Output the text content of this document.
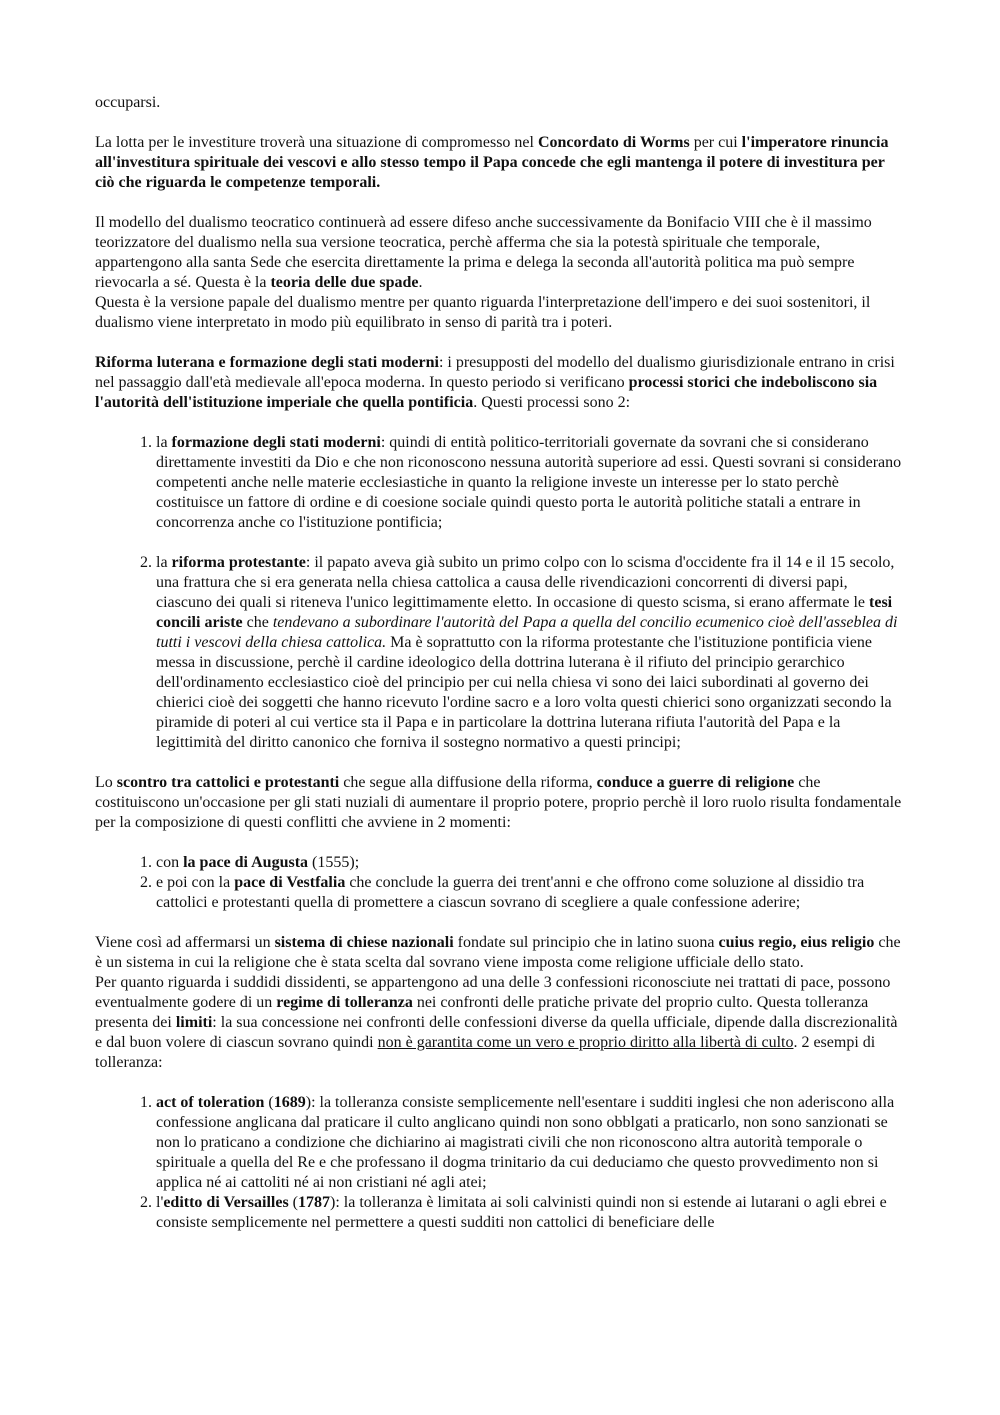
occuparsi.

La lotta per le investiture troverà una situazione di compromesso nel Concordato di Worms per cui l'imperatore rinuncia all'investitura spirituale dei vescovi e allo stesso tempo il Papa concede che egli mantenga il potere di investitura per ciò che riguarda le competenze temporali.

Il modello del dualismo teocratico continuerà ad essere difeso anche successivamente da Bonifacio VIII che è il massimo teorizzatore del dualismo nella sua versione teocratica, perchè afferma che sia la potestà spirituale che temporale, appartengono alla santa Sede che esercita direttamente la prima e delega la seconda all'autorità politica ma può sempre rievocarla a sé. Questa è la teoria delle due spade.
Questa è la versione papale del dualismo mentre per quanto riguarda l'interpretazione dell'impero e dei suoi sostenitori, il dualismo viene interpretato in modo più equilibrato in senso di parità tra i poteri.

Riforma luterana e formazione degli stati moderni: i presupposti del modello del dualismo giurisdizionale entrano in crisi nel passaggio dall'età medievale all'epoca moderna. In questo periodo si verificano processi storici che indeboliscono sia l'autorità dell'istituzione imperiale che quella pontificia. Questi processi sono 2:

1. la formazione degli stati moderni: quindi di entità politico-territoriali governate da sovrani che si considerano direttamente investiti da Dio e che non riconoscono nessuna autorità superiore ad essi. Questi sovrani si considerano competenti anche nelle materie ecclesiastiche in quanto la religione investe un interesse per lo stato perchè costituisce un fattore di ordine e di coesione sociale quindi questo porta le autorità politiche statali a entrare in concorrenza anche co l'istituzione pontificia;
2. la riforma protestante: il papato aveva già subito un primo colpo con lo scisma d'occidente fra il 14 e il 15 secolo, una frattura che si era generata nella chiesa cattolica a causa delle rivendicazioni concorrenti di diversi papi, ciascuno dei quali si riteneva l'unico legittimamente eletto. In occasione di questo scisma, si erano affermate le tesi concili ariste che tendevano a subordinare l'autorità del Papa a quella del concilio ecumenico cioè dell'asseblea di tutti i vescovi della chiesa cattolica. Ma è soprattutto con la riforma protestante che l'istituzione pontificia viene messa in discussione, perchè il cardine ideologico della dottrina luterana è il rifiuto del principio gerarchico dell'ordinamento ecclesiastico cioè del principio per cui nella chiesa vi sono dei laici subordinati al governo dei chierici cioè dei soggetti che hanno ricevuto l'ordine sacro e a loro volta questi chierici sono organizzati secondo la piramide di poteri al cui vertice sta il Papa e in particolare la dottrina luterana rifiuta l'autorità del Papa e la legittimità del diritto canonico che forniva il sostegno normativo a questi principi;

Lo scontro tra cattolici e protestanti che segue alla diffusione della riforma, conduce a guerre di religione che costituiscono un'occasione per gli stati nuziali di aumentare il proprio potere, proprio perchè il loro ruolo risulta fondamentale per la composizione di questi conflitti che avviene in 2 momenti:

1. con la pace di Augusta (1555);
2. e poi con la pace di Vestfalia che conclude la guerra dei trent'anni e che offrono come soluzione al dissidio tra cattolici e protestanti quella di promettere a ciascun sovrano di scegliere a quale confessione aderire;

Viene così ad affermarsi un sistema di chiese nazionali fondate sul principio che in latino suona cuius regio, eius religio che è un sistema in cui la religione che è stata scelta dal sovrano viene imposta come religione ufficiale dello stato.
Per quanto riguarda i suddidi dissidenti, se appartengono ad una delle 3 confessioni riconosciute nei trattati di pace, possono eventualmente godere di un regime di tolleranza nei confronti delle pratiche private del proprio culto. Questa tolleranza presenta dei limiti: la sua concessione nei confronti delle confessioni diverse da quella ufficiale, dipende dalla discrezionalità e dal buon volere di ciascun sovrano quindi non è garantita come un vero e proprio diritto alla libertà di culto. 2 esempi di tolleranza:

1. act of toleration (1689): la tolleranza consiste semplicemente nell'esentare i sudditi inglesi che non aderiscono alla confessione anglicana dal praticare il culto anglicano quindi non sono obblgati a praticarlo, non sono sanzionati se non lo praticano a condizione che dichiarino ai magistrati civili che non riconoscono altra autorità temporale o spirituale a quella del Re e che professano il dogma trinitario da cui deduciamo che questo provvedimento non si applica né ai cattoliti né ai non cristiani né agli atei;
2. l'editto di Versailles (1787): la tolleranza è limitata ai soli calvinisti quindi non si estende ai lutarani o agli ebrei e consiste semplicemente nel permettere a questi sudditi non cattolici di beneficiare delle
